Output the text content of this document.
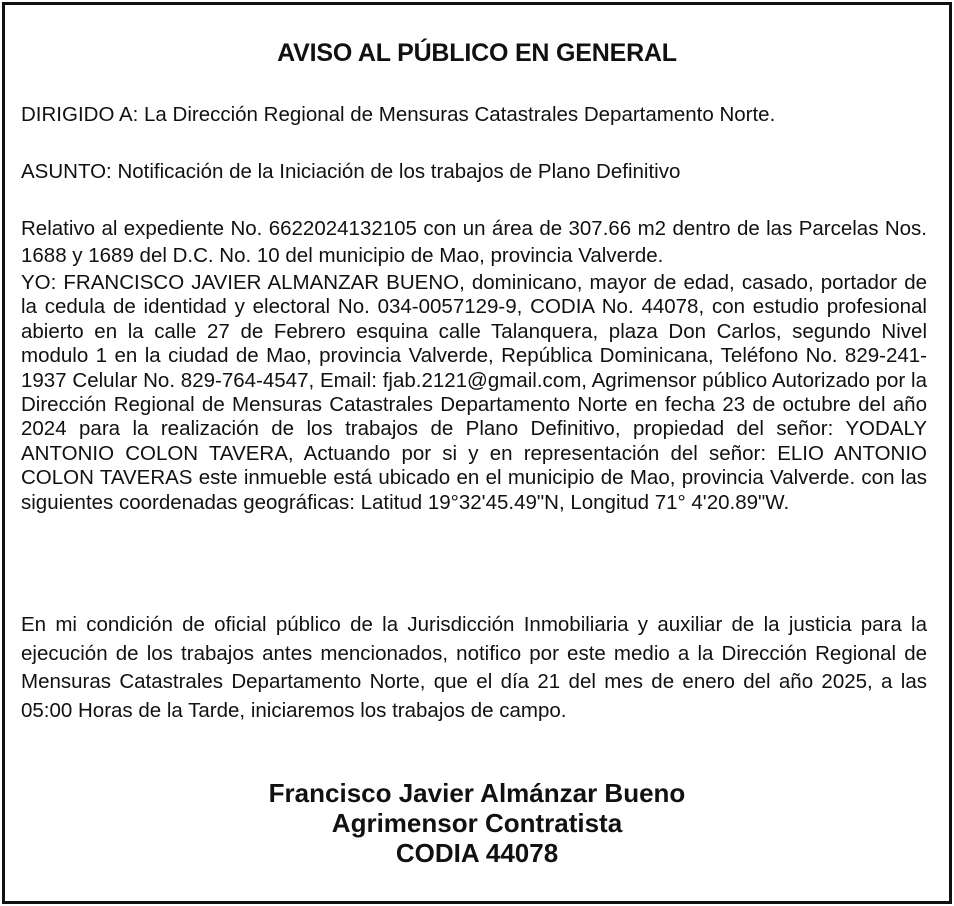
AVISO AL PÚBLICO EN GENERAL
DIRIGIDO A: La Dirección Regional de Mensuras Catastrales Departamento Norte.
ASUNTO: Notificación de la Iniciación de los trabajos de Plano Definitivo
Relativo al expediente No. 6622024132105 con un área de 307.66 m2 dentro de las Parcelas Nos. 1688 y 1689 del D.C. No. 10 del municipio de Mao, provincia Valverde.
YO: FRANCISCO JAVIER ALMANZAR BUENO, dominicano, mayor de edad, casado, portador de la cedula de identidad y electoral No. 034-0057129-9, CODIA No. 44078, con estudio profesional abierto en la calle 27 de Febrero esquina calle Talanquera, plaza Don Carlos, segundo Nivel modulo 1 en la ciudad de Mao, provincia Valverde, República Dominicana, Teléfono No. 829-241-1937 Celular No. 829-764-4547, Email: fjab.2121@gmail.com, Agrimensor público Autorizado por la Dirección Regional de Mensuras Catastrales Departamento Norte en fecha 23 de octubre del año 2024 para la realización de los trabajos de Plano Definitivo, propiedad del señor: YODALY ANTONIO COLON TAVERA, Actuando por si y en representación del señor: ELIO ANTONIO COLON TAVERAS este inmueble está ubicado en el municipio de Mao, provincia Valverde. con las siguientes coordenadas geográficas: Latitud 19°32'45.49"N, Longitud 71° 4'20.89"W.
En mi condición de oficial público de la Jurisdicción Inmobiliaria y auxiliar de la justicia para la ejecución de los trabajos antes mencionados, notifico por este medio a la Dirección Regional de Mensuras Catastrales Departamento Norte, que el día 21 del mes de enero del año 2025, a las 05:00 Horas de la Tarde, iniciaremos los trabajos de campo.
Francisco Javier Almánzar Bueno
Agrimensor Contratista
CODIA 44078
